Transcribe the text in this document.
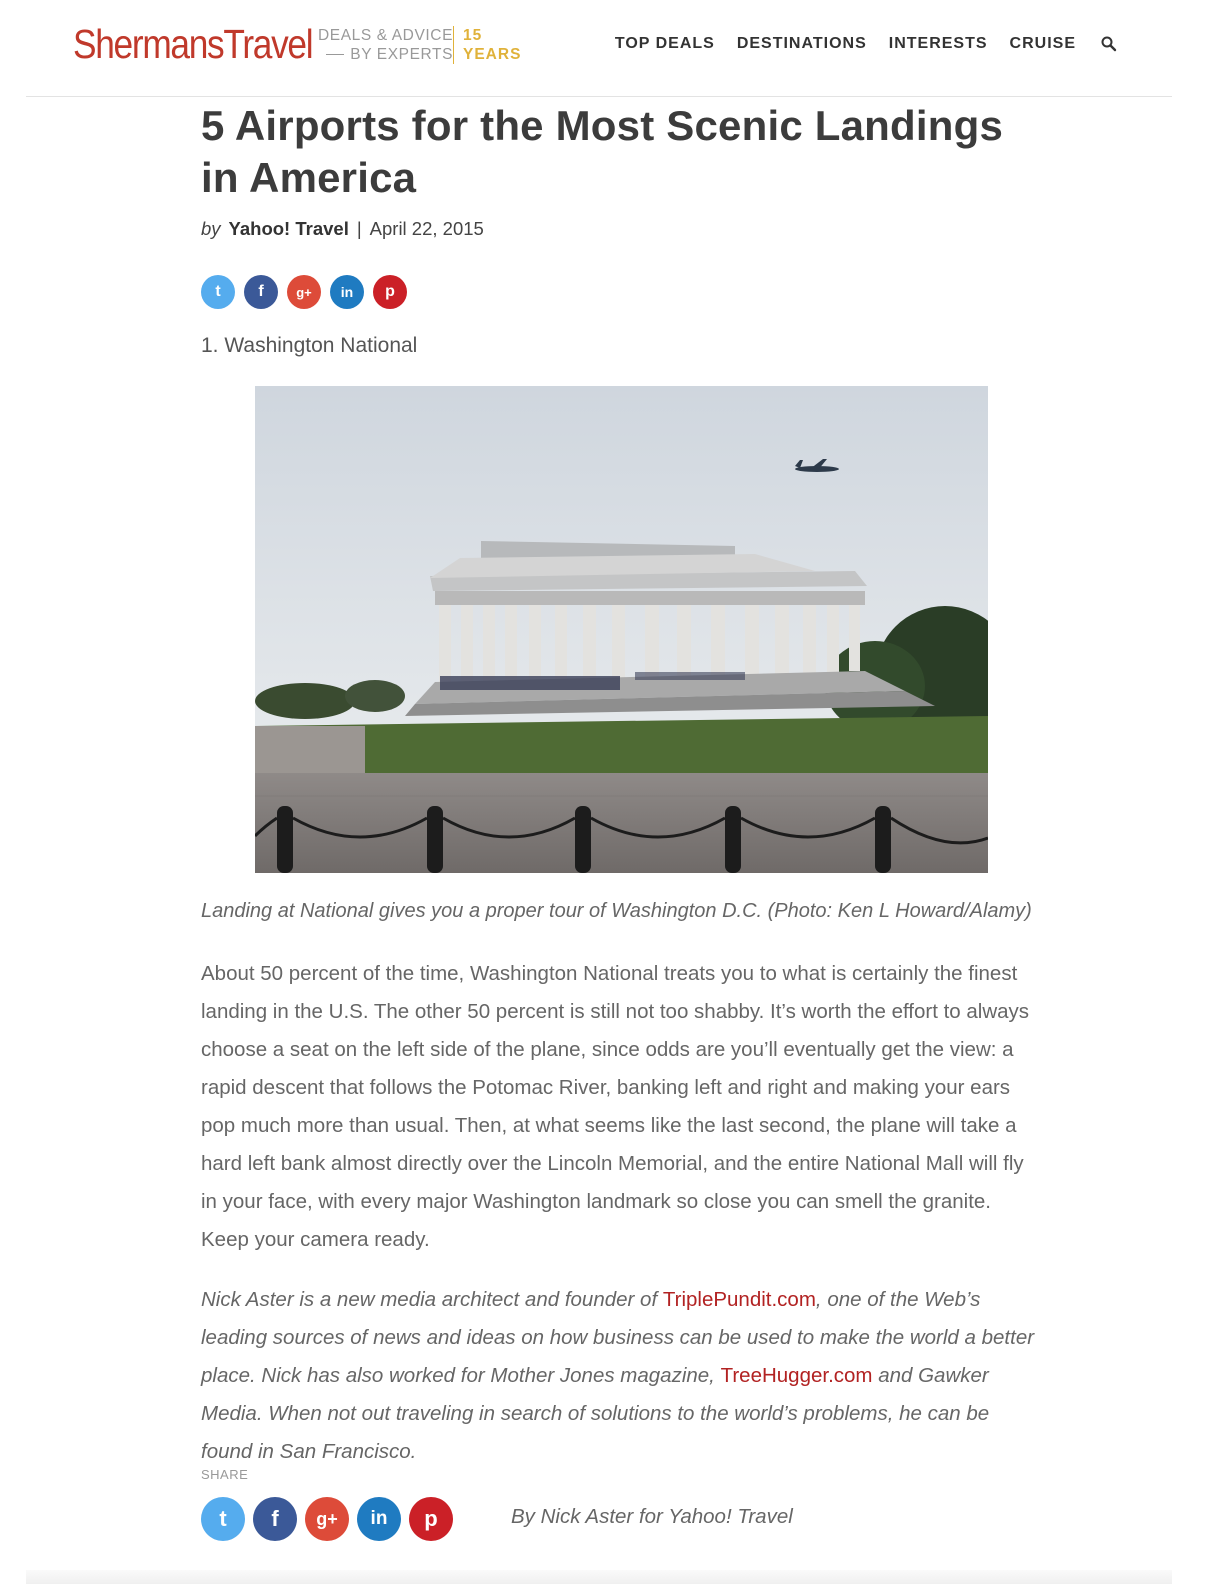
ShermansTravel DEALS & ADVICE
BY EXPERTS
15
YEARS
TOP DEALS DESTINATIONS INTERESTS CRUISE
5 Airports for the Most Scenic Landings in America
by Yahoo! Travel | April 22, 2015
t f	g+ in p
1. Washington National
Landing at National gives you a proper tour of Washington D.C. (Photo: Ken L Howard/Alamy)

About 50 percent of the time, Washington National treats you to what is certainly the finest landing in the U.S. The other 50 percent is still not too shabby. It’s worth the effort to always choose a seat on the left side of the plane, since odds are you’ll eventually get the view: a rapid descent that follows the Potomac River, banking left and right and making your ears pop much more than usual. Then, at what seems like the last second, the plane will take a hard left bank almost directly over the Lincoln Memorial, and the entire National Mall will fly in your face, with every major Washington landmark so close you can smell the granite. Keep your camera ready.

Nick Aster is a new media architect and founder of TriplePundit.com, one of the Web’s leading sources of news and ideas on how business can be used to make the world a better place. Nick has also worked for Mother Jones magazine, TreeHugger.com and Gawker Media. When not out traveling in search of solutions to the world’s problems, he can be found in San Francisco.

SHARE
t f g+ in p	By Nick Aster for Yahoo! Travel
